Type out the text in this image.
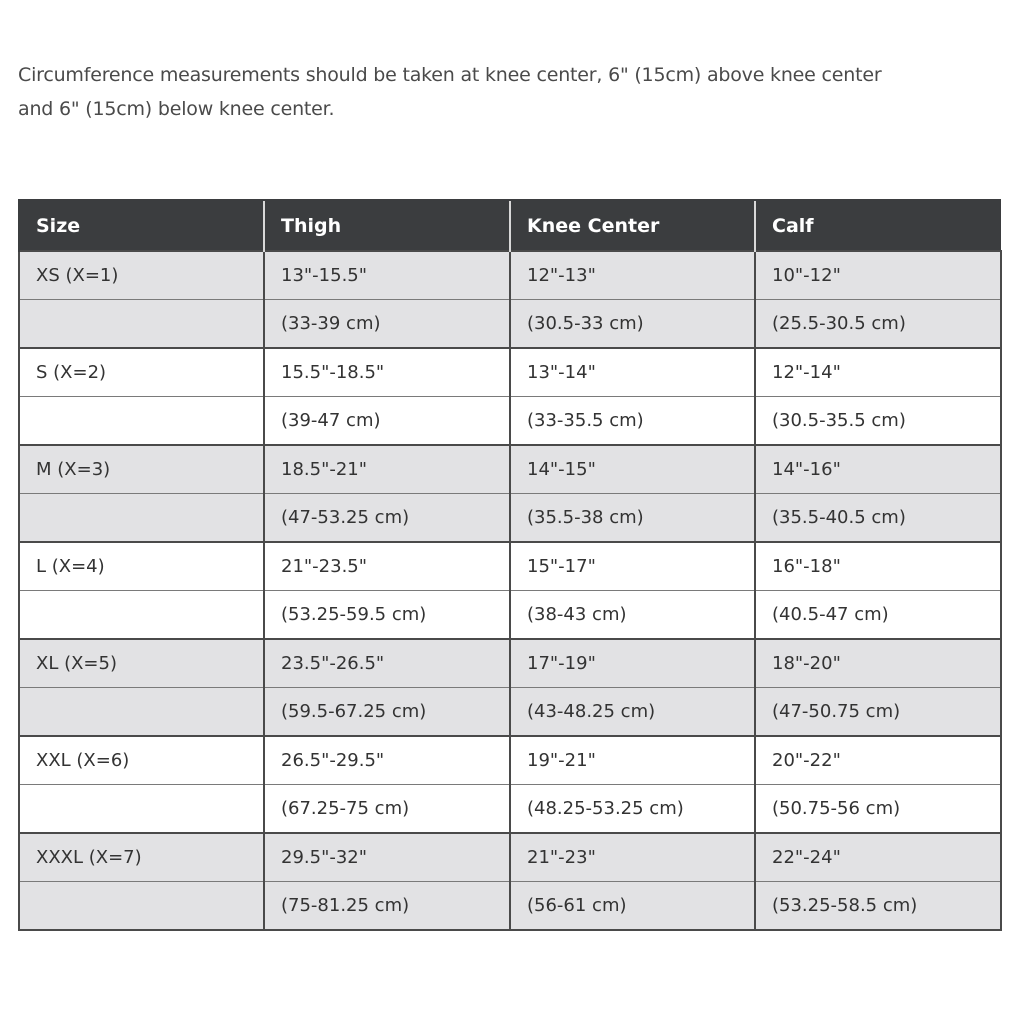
Circumference measurements should be taken at knee center, 6" (15cm) above knee center
and 6" (15cm) below knee center.
Size	Thigh	Knee Center	Calf
XS (X=1)	13"-15.5"	12"-13"	10"-12"
	(33-39 cm)	(30.5-33 cm)	(25.5-30.5 cm)
S (X=2)	15.5"-18.5"	13"-14"	12"-14"
	(39-47 cm)	(33-35.5 cm)	(30.5-35.5 cm)
M (X=3)	18.5"-21"	14"-15"	14"-16"
	(47-53.25 cm)	(35.5-38 cm)	(35.5-40.5 cm)
L (X=4)	21"-23.5"	15"-17"	16"-18"
	(53.25-59.5 cm)	(38-43 cm)	(40.5-47 cm)
XL (X=5)	23.5"-26.5"	17"-19"	18"-20"
	(59.5-67.25 cm)	(43-48.25 cm)	(47-50.75 cm)
XXL (X=6)	26.5"-29.5"	19"-21"	20"-22"
	(67.25-75 cm)	(48.25-53.25 cm)	(50.75-56 cm)
XXXL (X=7)	29.5"-32"	21"-23"	22"-24"
	(75-81.25 cm)	(56-61 cm)	(53.25-58.5 cm)
